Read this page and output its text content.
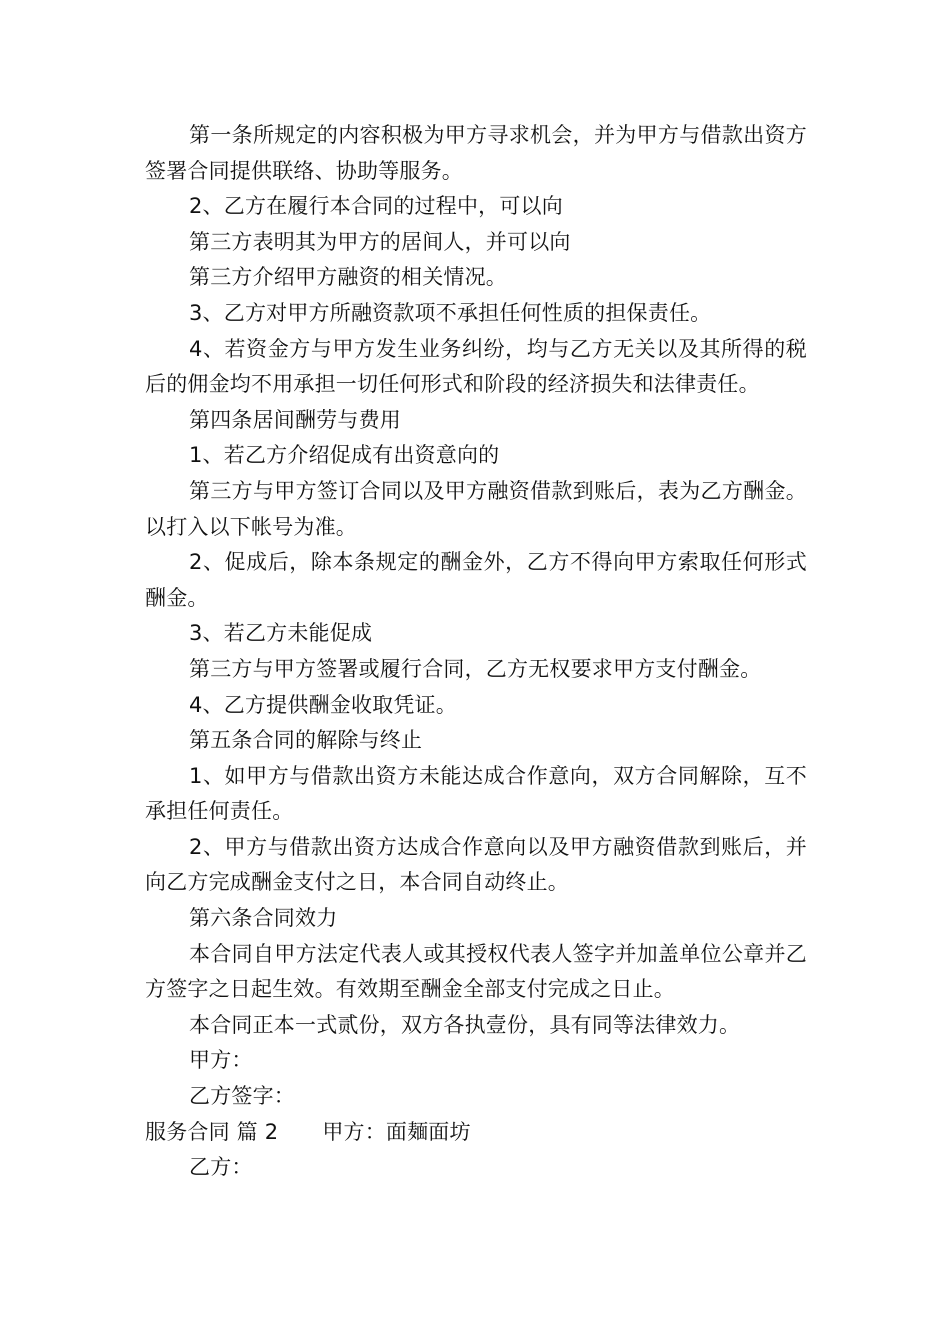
第一条所规定的内容积极为甲方寻求机会，并为甲方与借款出资方签署合同提供联络、协助等服务。

2、乙方在履行本合同的过程中，可以向

第三方表明其为甲方的居间人，并可以向

第三方介绍甲方融资的相关情况。

3、乙方对甲方所融资款项不承担任何性质的担保责任。

4、若资金方与甲方发生业务纠纷，均与乙方无关以及其所得的税后的佣金均不用承担一切任何形式和阶段的经济损失和法律责任。

第四条居间酬劳与费用

1、若乙方介绍促成有出资意向的

第三方与甲方签订合同以及甲方融资借款到账后，表为乙方酬金。以打入以下帐号为准。

2、促成后，除本条规定的酬金外，乙方不得向甲方索取任何形式酬金。

3、若乙方未能促成

第三方与甲方签署或履行合同，乙方无权要求甲方支付酬金。

4、乙方提供酬金收取凭证。

第五条合同的解除与终止

1、如甲方与借款出资方未能达成合作意向，双方合同解除，互不承担任何责任。

2、甲方与借款出资方达成合作意向以及甲方融资借款到账后，并向乙方完成酬金支付之日，本合同自动终止。

第六条合同效力

本合同自甲方法定代表人或其授权代表人签字并加盖单位公章并乙方签字之日起生效。有效期至酬金全部支付完成之日止。

本合同正本一式贰份，双方各执壹份，具有同等法律效力。

甲方：

乙方签字：

服务合同 篇 2 甲方：面麺面坊

乙方：
